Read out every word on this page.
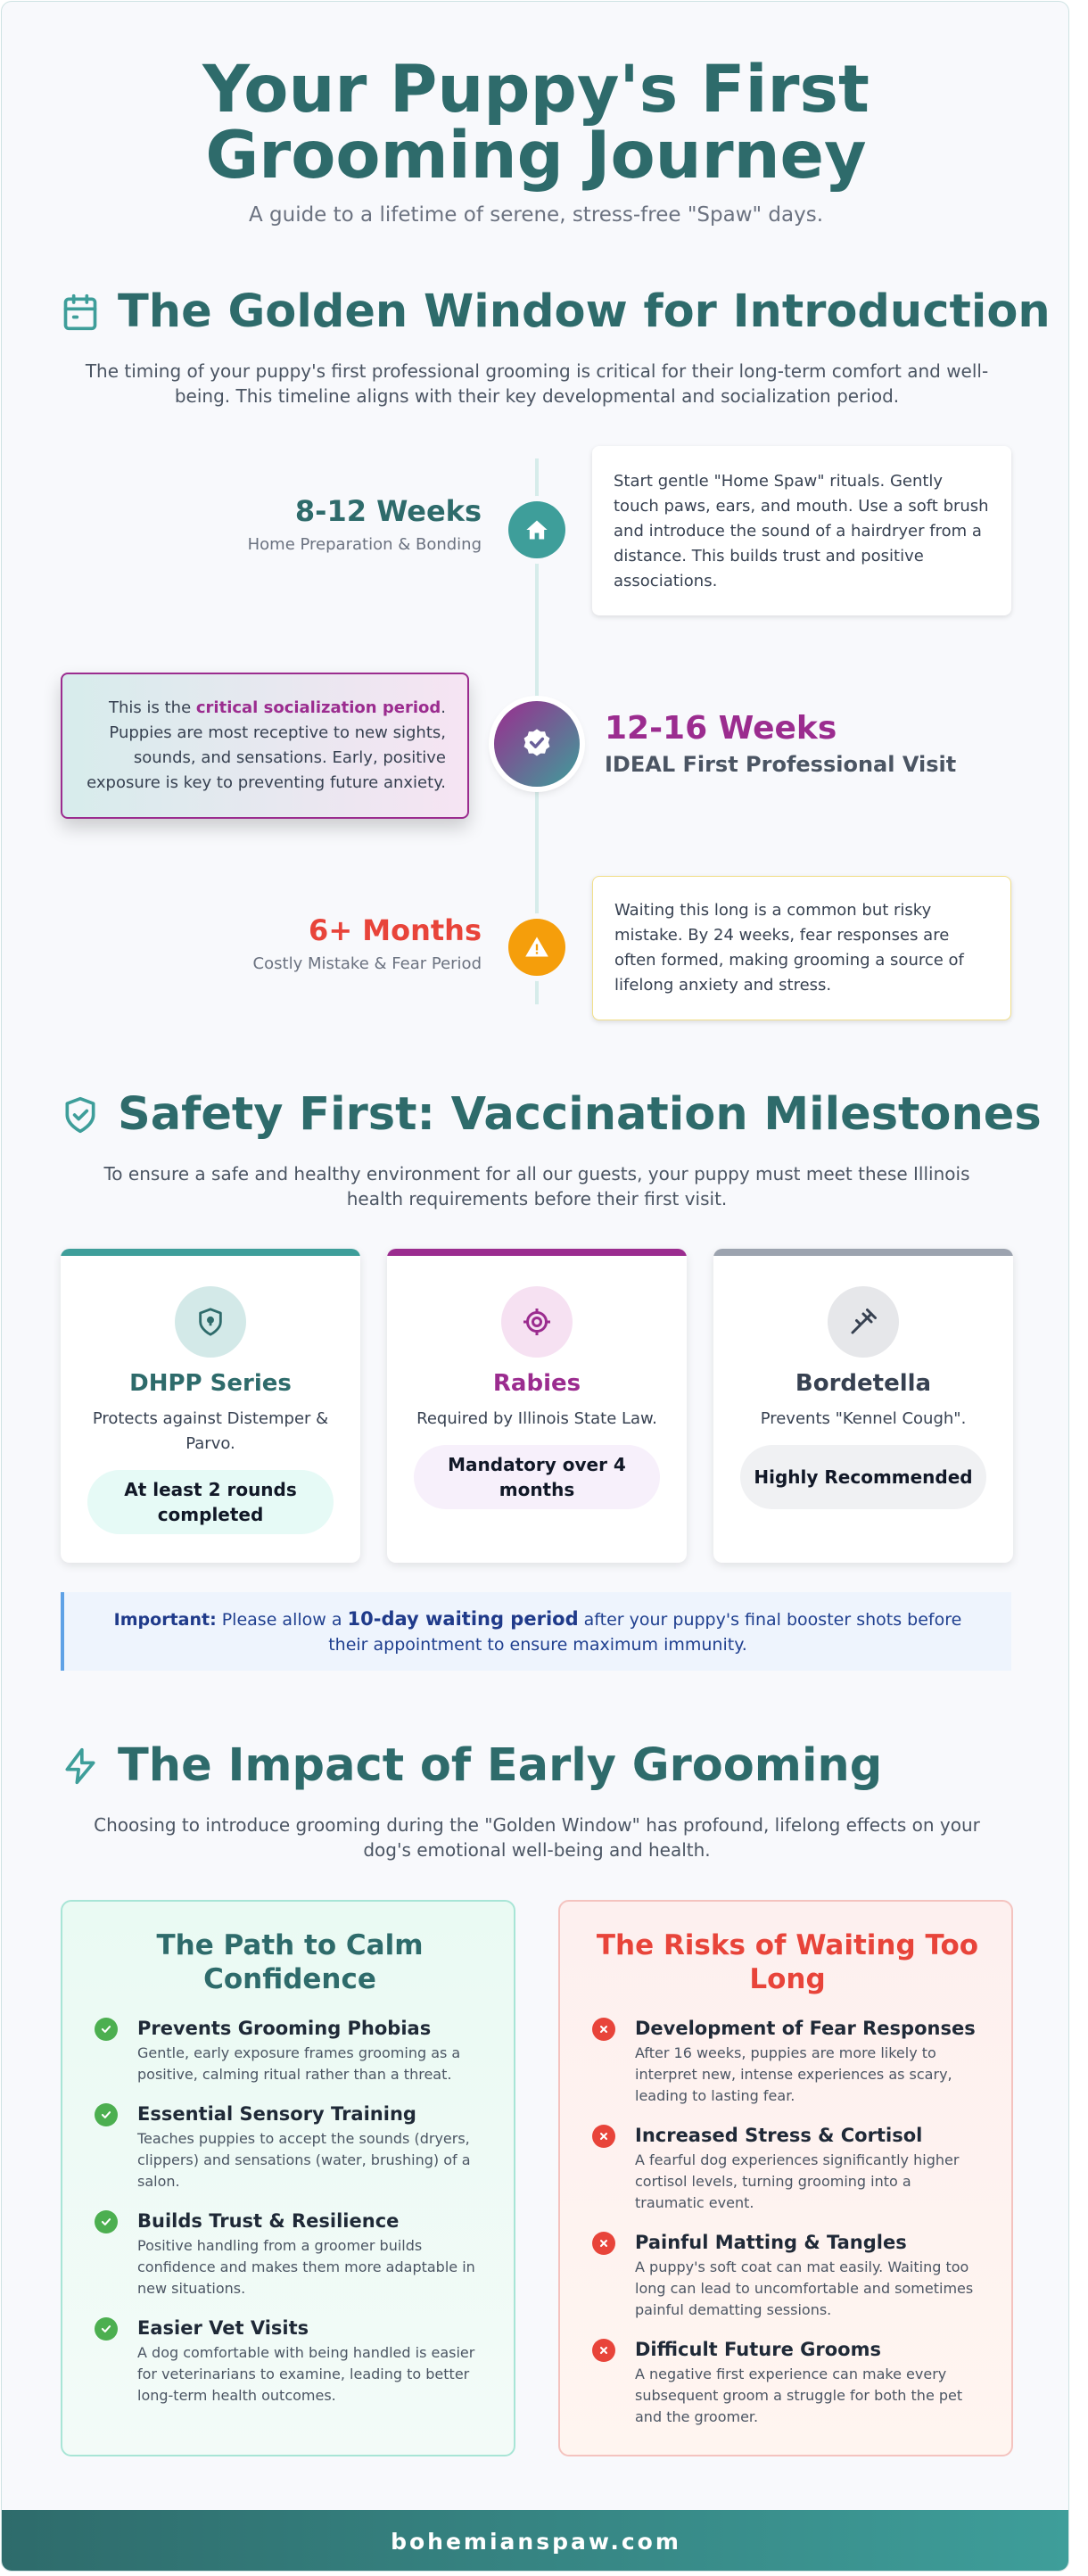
Your Puppy's First
Grooming Journey

A guide to a lifetime of serene, stress-free "Spaw" days.

The Golden Window for Introduction

The timing of your puppy's first professional grooming is critical for their long-term comfort and well-being. This timeline aligns with their key developmental and socialization period.

8-12 Weeks
Home Preparation & Bonding

Start gentle "Home Spaw" rituals. Gently touch paws, ears, and mouth. Use a soft brush and introduce the sound of a hairdryer from a distance. This builds trust and positive associations.

This is the critical socialization period. Puppies are most receptive to new sights, sounds, and sensations. Early, positive exposure is key to preventing future anxiety.

12-16 Weeks
IDEAL First Professional Visit
6+ Months
Costly Mistake & Fear Period

Waiting this long is a common but risky mistake. By 24 weeks, fear responses are often formed, making grooming a source of lifelong anxiety and stress.

Safety First: Vaccination Milestones

To ensure a safe and healthy environment for all our guests, your puppy must meet these Illinois health requirements before their first visit.

DHPP Series
Protects against Distemper & Parvo.
At least 2 rounds completed
Rabies
Required by Illinois State Law.
Mandatory over 4 months
Bordetella
Prevents "Kennel Cough".
Highly Recommended

Important: Please allow a 10-day waiting period after your puppy's final booster shots before their appointment to ensure maximum immunity.

The Impact of Early Grooming

Choosing to introduce grooming during the "Golden Window" has profound, lifelong effects on your dog's emotional well-being and health.

The Path to Calm Confidence
Prevents Grooming Phobias
Gentle, early exposure frames grooming as a positive, calming ritual rather than a threat.
Essential Sensory Training
Teaches puppies to accept the sounds (dryers, clippers) and sensations (water, brushing) of a salon.
Builds Trust & Resilience
Positive handling from a groomer builds confidence and makes them more adaptable in new situations.
Easier Vet Visits
A dog comfortable with being handled is easier for veterinarians to examine, leading to better long-term health outcomes.
The Risks of Waiting Too Long
Development of Fear Responses
After 16 weeks, puppies are more likely to interpret new, intense experiences as scary, leading to lasting fear.
Increased Stress & Cortisol
A fearful dog experiences significantly higher cortisol levels, turning grooming into a traumatic event.
Painful Matting & Tangles
A puppy's soft coat can mat easily. Waiting too long can lead to uncomfortable and sometimes painful dematting sessions.
Difficult Future Grooms
A negative first experience can make every subsequent groom a struggle for both the pet and the groomer.
bohemianspaw.com
